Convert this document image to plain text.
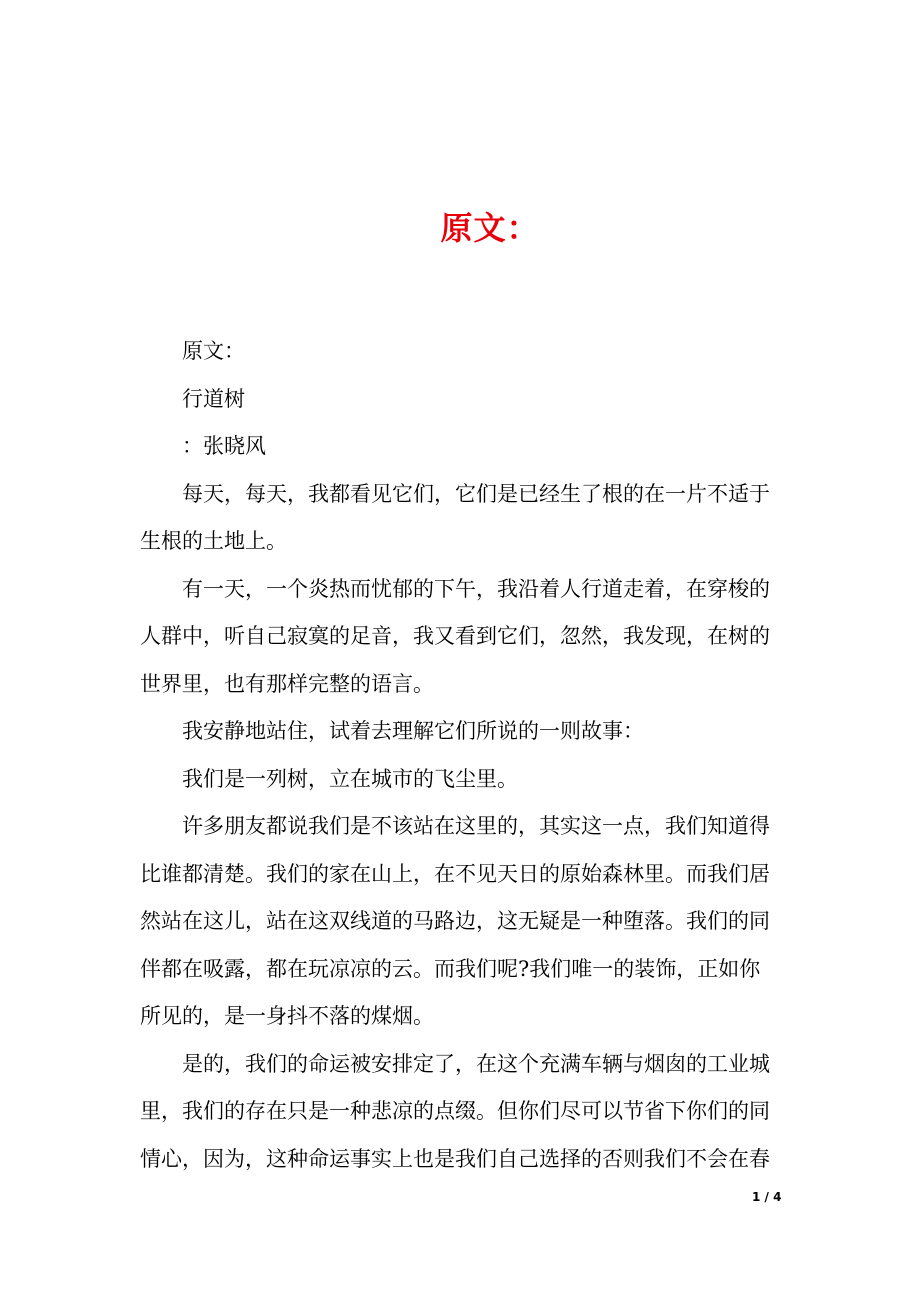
原文：
原文：
行道树
：张晓风
每天，每天，我都看见它们，它们是已经生了根的在一片不适于
生根的土地上。
有一天，一个炎热而忧郁的下午，我沿着人行道走着，在穿梭的
人群中，听自己寂寞的足音，我又看到它们，忽然，我发现，在树的
世界里，也有那样完整的语言。
我安静地站住，试着去理解它们所说的一则故事：
我们是一列树，立在城市的飞尘里。
许多朋友都说我们是不该站在这里的，其实这一点，我们知道得
比谁都清楚。我们的家在山上，在不见天日的原始森林里。而我们居
然站在这儿，站在这双线道的马路边，这无疑是一种堕落。我们的同
伴都在吸露，都在玩凉凉的云。而我们呢?我们唯一的装饰，正如你
所见的，是一身抖不落的煤烟。
是的，我们的命运被安排定了，在这个充满车辆与烟囱的工业城
里，我们的存在只是一种悲凉的点缀。但你们尽可以节省下你们的同
情心，因为，这种命运事实上也是我们自己选择的否则我们不会在春
1 / 4
